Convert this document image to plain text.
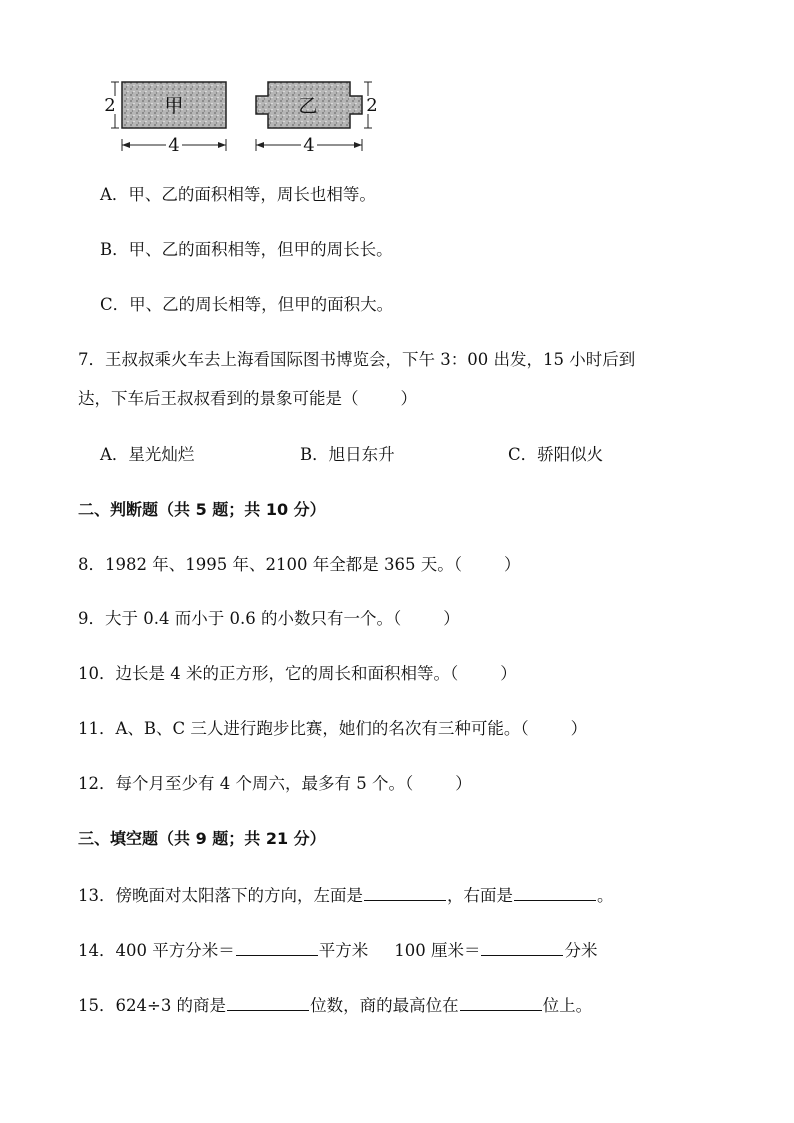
甲
2
4
乙	2
4
A．甲、乙的面积相等，周长也相等。
B．甲、乙的面积相等，但甲的周长长。
C．甲、乙的周长相等，但甲的面积大。
7．王叔叔乘火车去上海看国际图书博览会，下午 3：00 出发，15 小时后到
达，下车后王叔叔看到的景象可能是（	）
A．星光灿烂	B．旭日东升	C．骄阳似火
二、判断题（共 5 题；共 10 分）
8．1982 年、1995 年、2100 年全都是 365 天。（	）
9．大于 0.4 而小于 0.6 的小数只有一个。（	）
10．边长是 4 米的正方形，它的周长和面积相等。（	）
11．A、B、C 三人进行跑步比赛，她们的名次有三种可能。（	）
12．每个月至少有 4 个周六，最多有 5 个。（	）
三、填空题（共 9 题；共 21 分）
13．傍晚面对太阳落下的方向，左面是	，右面是	。
14．400 平方分米＝	平方米 100 厘米＝	分米
15．624÷3 的商是	位数，商的最高位在	位上。
